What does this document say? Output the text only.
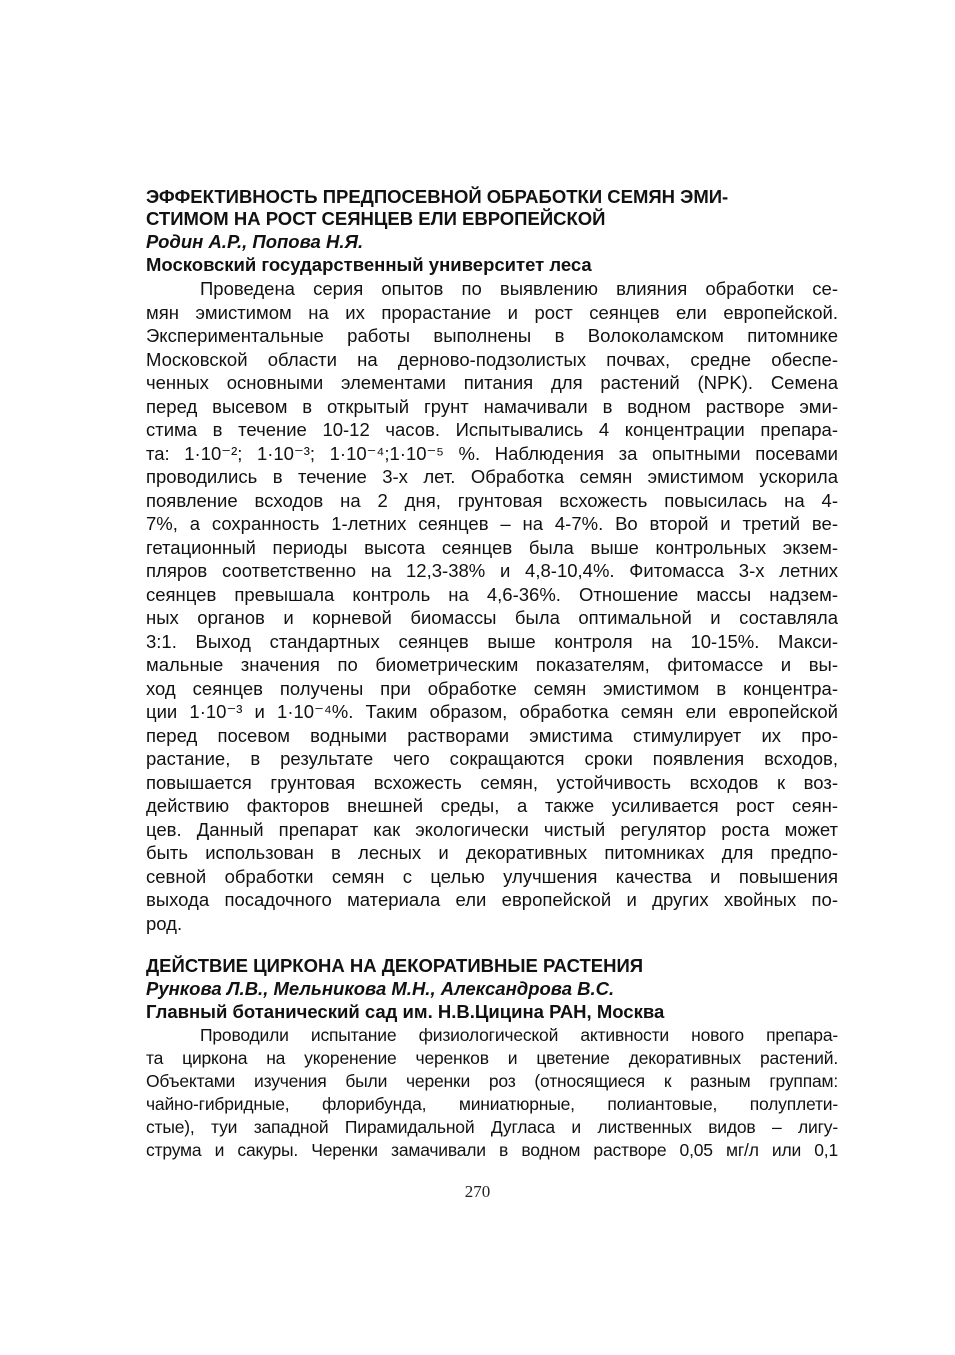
ЭФФЕКТИВНОСТЬ ПРЕДПОСЕВНОЙ ОБРАБОТКИ СЕМЯН ЭМИ-
СТИМОМ НА РОСТ СЕЯНЦЕВ ЕЛИ ЕВРОПЕЙСКОЙ

Родин А.Р., Попова Н.Я.

Московский государственный университет леса

Проведена серия опытов по выявлению влияния обработки се-
мян эмистимом на их прорастание и рост сеянцев ели европейской.
Экспериментальные работы выполнены в Волоколамском питомнике
Московской области на дерново-подзолистых почвах, средне обеспе-
ченных основными элементами питания для растений (NPK). Семена
перед высевом в открытый грунт намачивали в водном растворе эми-
стима в течение 10-12 часов. Испытывались 4 концентрации препара-
та: 1·10⁻²; 1·10⁻³; 1·10⁻⁴;1·10⁻⁵ %. Наблюдения за опытными посевами
проводились в течение 3-х лет. Обработка семян эмистимом ускорила
появление всходов на 2 дня, грунтовая всхожесть повысилась на 4-
7%, а сохранность 1-летних сеянцев – на 4-7%. Во второй и третий ве-
гетационный периоды высота сеянцев была выше контрольных экзем-
пляров соответственно на 12,3-38% и 4,8-10,4%. Фитомасса 3-х летних
сеянцев превышала контроль на 4,6-36%. Отношение массы надзем-
ных органов и корневой биомассы была оптимальной и составляла
3:1. Выход стандартных сеянцев выше контроля на 10-15%. Макси-
мальные значения по биометрическим показателям, фитомассе и вы-
ход сеянцев получены при обработке семян эмистимом в концентра-
ции 1·10⁻³ и 1·10⁻⁴%. Таким образом, обработка семян ели европейской
перед посевом водными растворами эмистима стимулирует их про-
растание, в результате чего сокращаются сроки появления всходов,
повышается грунтовая всхожесть семян, устойчивость всходов к воз-
действию факторов внешней среды, а также усиливается рост сеян-
цев. Данный препарат как экологически чистый регулятор роста может
быть использован в лесных и декоративных питомниках для предпо-
севной обработки семян с целью улучшения качества и повышения
выхода посадочного материала ели европейской и других хвойных по-
род.

ДЕЙСТВИЕ ЦИРКОНА НА ДЕКОРАТИВНЫЕ РАСТЕНИЯ

Рункова Л.В., Мельникова М.Н., Александрова В.С.

Главный ботанический сад им. Н.В.Цицина РАН, Москва

Проводили испытание физиологической активности нового препара-
та циркона на укоренение черенков и цветение декоративных растений.
Объектами изучения были черенки роз (относящиеся к разным группам:
чайно-гибридные, флорибунда, миниатюрные, полиантовые, полуплети-
стые), туи западной Пирамидальной Дугласа и лиственных видов – лигу-
струма и сакуры. Черенки замачивали в водном растворе 0,05 мг/л или 0,1

270
